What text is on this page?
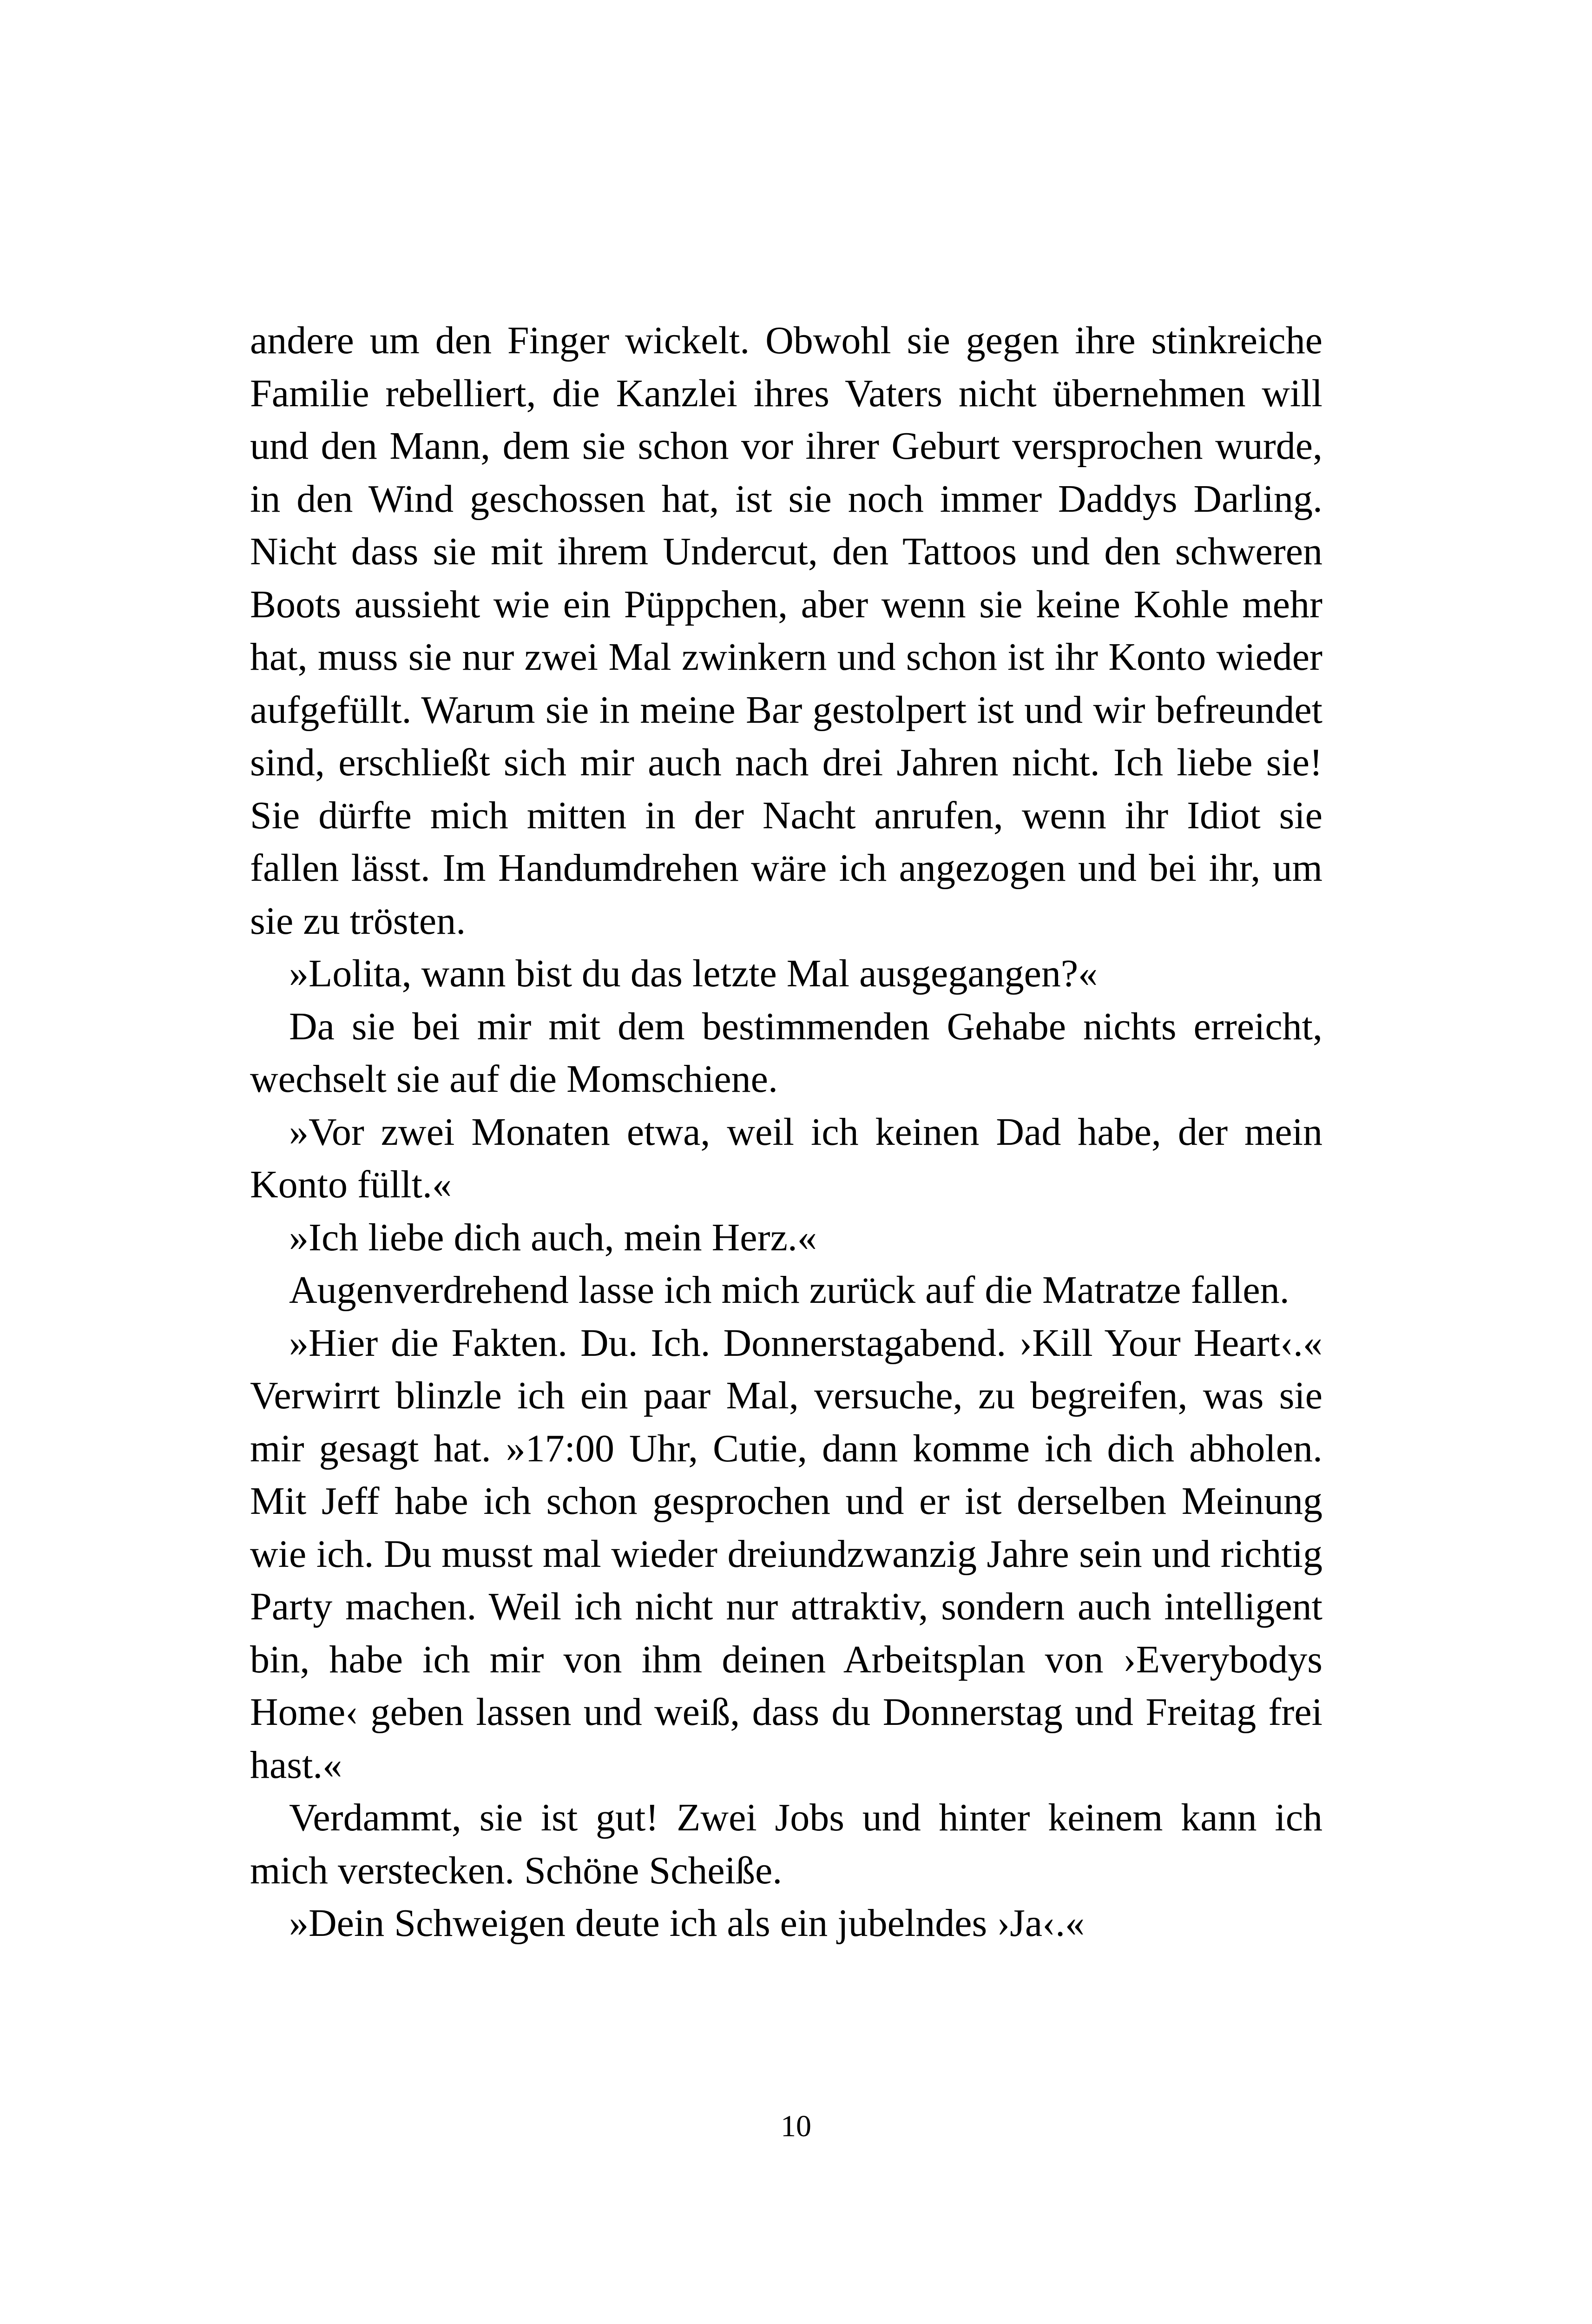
andere um den Finger wickelt. Obwohl sie gegen ihre stinkreiche Familie rebelliert, die Kanzlei ihres Vaters nicht übernehmen will und den Mann, dem sie schon vor ihrer Geburt versprochen wurde, in den Wind geschossen hat, ist sie noch immer Daddys Darling. Nicht dass sie mit ihrem Undercut, den Tattoos und den schweren Boots aussieht wie ein Püppchen, aber wenn sie keine Kohle mehr hat, muss sie nur zwei Mal zwinkern und schon ist ihr Konto wieder aufgefüllt. Warum sie in meine Bar gestolpert ist und wir befreundet sind, erschließt sich mir auch nach drei Jahren nicht. Ich liebe sie! Sie dürfte mich mitten in der Nacht anrufen, wenn ihr Idiot sie fallen lässt. Im Handumdrehen wäre ich angezogen und bei ihr, um sie zu trösten.

»Lolita, wann bist du das letzte Mal ausgegangen?«

Da sie bei mir mit dem bestimmenden Gehabe nichts erreicht, wechselt sie auf die Momschiene.

»Vor zwei Monaten etwa, weil ich keinen Dad habe, der mein Konto füllt.«

»Ich liebe dich auch, mein Herz.«

Augenverdrehend lasse ich mich zurück auf die Matratze fallen.

»Hier die Fakten. Du. Ich. Donnerstagabend. ›Kill Your Heart‹.« Verwirrt blinzle ich ein paar Mal, versuche, zu begreifen, was sie mir gesagt hat. »17:00 Uhr, Cutie, dann komme ich dich abholen. Mit Jeff habe ich schon gesprochen und er ist derselben Meinung wie ich. Du musst mal wieder dreiundzwanzig Jahre sein und richtig Party machen. Weil ich nicht nur attraktiv, sondern auch intelligent bin, habe ich mir von ihm deinen Arbeitsplan von ›Everybodys Home‹ geben lassen und weiß, dass du Donnerstag und Freitag frei hast.«

Verdammt, sie ist gut! Zwei Jobs und hinter keinem kann ich mich verstecken. Schöne Scheiße.

»Dein Schweigen deute ich als ein jubelndes ›Ja‹.«

10
